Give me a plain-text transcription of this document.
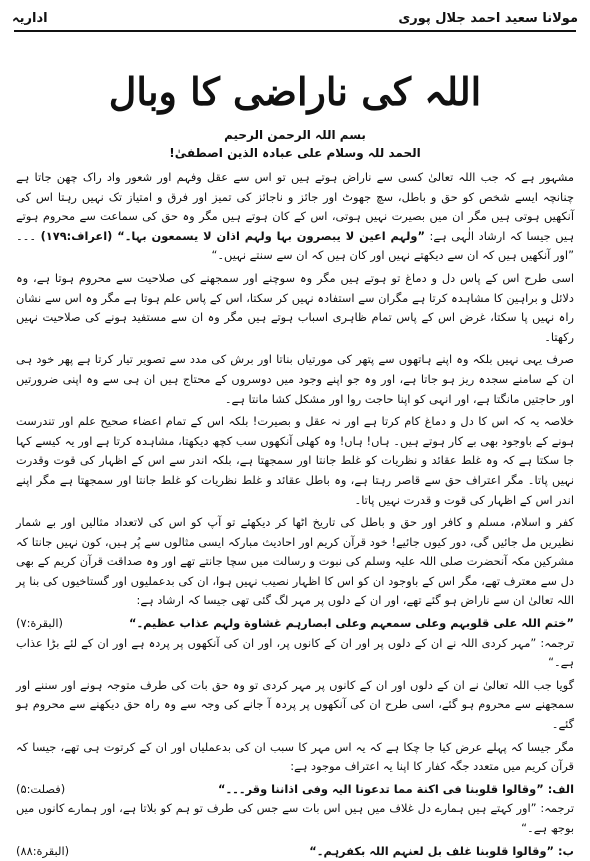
مولانا سعید احمد جلال پوری
اداریہ
اللہ کی ناراضی کا وبال
بسم اللہ الرحمن الرحیم
الحمد للہ وسلام علی عبادہ الذین اصطفیٰ!

مشہور ہے کہ جب اللہ تعالیٰ کسی سے ناراض ہوتے ہیں تو اس سے عقل وفہم اور شعور واد راک چھن جاتا ہے چنانچہ ایسے شخص کو حق و باطل، سچ جھوٹ اور جائز و ناجائز کی تمیز اور فرق و امتیاز تک نہیں رہتا اس کی آنکھیں ہوتی ہیں مگر ان میں بصیرت نہیں ہوتی، اس کے کان ہوتے ہیں مگر وہ حق کی سماعت سے محروم ہوتے ہیں جیسا کہ ارشاد الٰہی ہے: ”ولہم اعین لا یبصرون بہا ولہم اذان لا یسمعون بہا۔“ (اعراف:۱۷۹) ۔۔۔ ”اور آنکھیں ہیں کہ ان سے دیکھتے نہیں اور کان ہیں کہ ان سے سنتے نہیں۔“

اسی طرح اس کے پاس دل و دماغ تو ہوتے ہیں مگر وہ سوچنے اور سمجھنے کی صلاحیت سے محروم ہوتا ہے، وہ دلائل و براہین کا مشاہدہ کرتا ہے مگران سے استفادہ نہیں کر سکتا، اس کے پاس علم ہوتا ہے مگر وہ اس سے نشان راہ نہیں پا سکتا، غرض اس کے پاس تمام ظاہری اسباب ہوتے ہیں مگر وہ ان سے مستفید ہونے کی صلاحیت نہیں رکھتا۔

صرف یہی نہیں بلکہ وہ اپنے ہاتھوں سے پتھر کی مورتیاں بناتا اور برش کی مدد سے تصویر تیار کرتا ہے پھر خود ہی ان کے سامنے سجدہ ریز ہو جاتا ہے، اور وہ جو اپنے وجود میں دوسروں کے محتاج ہیں ان ہی سے وہ اپنی ضرورتیں اور حاجتیں مانگتا ہے، اور انہی کو اپنا حاجت روا اور مشکل کشا مانتا ہے۔

خلاصہ یہ کہ اس کا دل و دماغ کام کرتا ہے اور نہ عقل و بصیرت! بلکہ اس کے تمام اعضاء صحیح علم اور تندرست ہونے کے باوجود بھی بے کار ہوتے ہیں۔ ہاں! ہاں! وہ کھلی آنکھوں سب کچھ دیکھتا، مشاہدہ کرتا ہے اور یہ کیسے کہا جا سکتا ہے کہ وہ غلط عقائد و نظریات کو غلط جانتا اور سمجھتا ہے، بلکہ اندر سے اس کے اظہار کی قوت وقدرت نہیں پاتا۔ مگر اعتراف حق سے قاصر رہتا ہے، وہ باطل عقائد و غلط نظریات کو غلط جانتا اور سمجھتا ہے مگر اپنے اندر اس کے اظہار کی قوت و قدرت نہیں پاتا۔

کفر و اسلام، مسلم و کافر اور حق و باطل کی تاریخ اٹھا کر دیکھئے تو آپ کو اس کی لاتعداد مثالیں اور بے شمار نظیریں مل جائیں گی، دور کیوں جائیے! خود قرآن کریم اور احادیث مبارکہ ایسی مثالوں سے پُر ہیں، کون نہیں جانتا کہ مشرکین مکہ آنحضرت صلی اللہ علیہ وسلم کی نبوت و رسالت میں سچا جانتے تھے اور وہ صداقت قرآن کریم کے بھی دل سے معترف تھے، مگر اس کے باوجود ان کو اس کا اظہار نصیب نہیں ہوا، ان کی بدعملیوں اور گستاخیوں کی بنا پر اللہ تعالیٰ ان سے ناراض ہو گئے تھے، اور ان کے دلوں پر مہر لگ گئی تھی جیسا کہ ارشاد ہے:

”ختم اللہ علی قلوبہم وعلی سمعہم وعلی ابصارہم غشاوة ولہم عذاب عظیم۔“
(البقرة:۷)

ترجمہ: ”مہر کردی اللہ نے ان کے دلوں پر اور ان کے کانوں پر، اور ان کی آنکھوں پر پردہ ہے اور ان کے لئے بڑا عذاب ہے۔“

گویا جب اللہ تعالیٰ نے ان کے دلوں اور ان کے کانوں پر مہر کردی تو وہ حق بات کی طرف متوجہ ہونے اور سننے اور سمجھنے سے محروم ہو گئے، اسی طرح ان کی آنکھوں پر پردہ آ جانے کی وجہ سے وہ راہ حق دیکھنے سے محروم ہو گئے۔

مگر جیسا کہ پہلے عرض کیا جا چکا ہے کہ یہ اس مہر کا سبب ان کی بدعملیاں اور ان کے کرتوت ہی تھے، جیسا کہ قرآن کریم میں متعدد جگہ کفار کا اپنا یہ اعتراف موجود ہے:

الف: ”وقالوا قلوبنا فی اکنة مما تدعونا الیہ وفی اذاننا وقر۔۔۔“
(فصلت:۵)

ترجمہ: ”اور کہتے ہیں ہمارے دل غلاف میں ہیں اس بات سے جس کی طرف تو ہم کو بلاتا ہے، اور ہمارے کانوں میں بوجھ ہے۔“

ب: ”وقالوا قلوبنا غلف بل لعنہم اللہ بکفرہم۔“
(البقرة:۸۸)
